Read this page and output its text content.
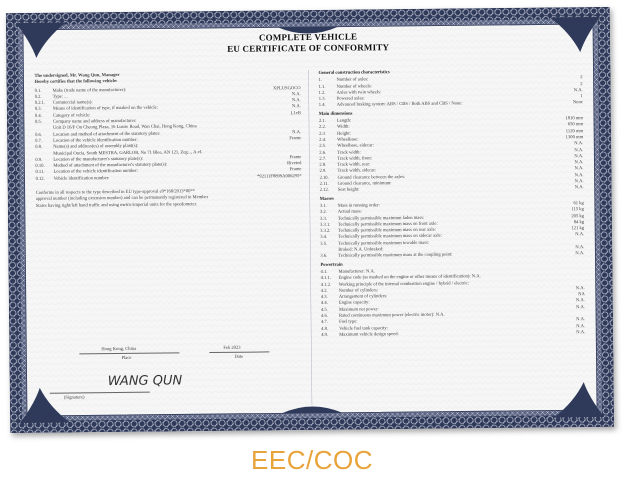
COMPLETE VEHICLE
EU CERTIFICATE OF CONFORMITY
The undersigned, Mr. Wang Qun, Manager
Hereby certifies that the following vehicle:
0.1.	Make (trade name of the manufacturer):	XPLUSGOCO
0.2.	Type: ...	N.A.
0.2.1.	Commercial name(s):	N.A.
0.3.	Means of identification of type, if marked on the vehicle:	N.A.
0.4.	Category of vehicle:	L1eB
0.5.	Company name and address of manufacturer:
Unit D 16/F On Cheong Plaza, 16 Lustre Road, Wan Chai, Hong Kong, China
0.6.	Location and method of attachment of the statutory plates:	N.A.
0.7.	Location of the vehicle identification number:	Frame
0.8.	Name(s) and address(es) of assembly plant(s):
Municipal Oncia, South MESTRA, GARLOR, No 71 Blee, AN 121, Zeg..., A.vI.
0.9.	Location of the manufacturer's statutory plate(s):	Frame
0.10.	Method of attachment of the manufacturer's statutory plate(s):	Riveted
0.11.	Location of the vehicle identification number:	Frame
0.12.	Vehicle identification number:	*92111F8899A006295*
Conforms in all respects to the type described in EU type-approval e9*168/2013*00**
approval number (including extension number) and can be permanently registered in Member
States having right/left hand traffic and using metric/imperial units for the speedometer.
Hong Kong, China	Feb 2023
Place	Date
WANG QUN
(Signature)
General construction characteristics
1.	Number of axles:	2
1.1.	Number of wheels:	2
1.2.	Axles with twin wheels:	N.A.
1.3.	Powered axles:	1
1.4.	Advanced braking system: ABS / CBS / Both ABS and CBS / None:	None
Main dimensions
2.1.	Length:	1810 mm
2.2.	Width:	650 mm
2.3.	Height:	1120 mm
2.4.	Wheelbase:	1300 mm
2.5.	Wheelbase, sidecar:	N.A.
2.6.	Track width:	N.A.
2.7.	Track width, front:	N.A.
2.8.	Track width, rear:	N.A.
2.9.	Track width, sidecar:	N.A.
2.10.	Ground clearance between the axles:	N.A.
2.11.	Ground clearance, minimum:	N.A.
2.12.	Seat height:	N.A.
Masses
3.1.	Mass in running order:	61 kg
3.2.	Actual mass:	115 kg
3.3.	Technically permissible maximum laden mass:	205 kg
3.3.1.	Technically permissible maximum mass on front axle:	84 kg
3.3.2.	Technically permissible maximum mass on rear axle:	121 kg
3.4.	Technically permissible maximum mass on sidecar axle:	N.A.
3.5.	Technically permissible maximum towable mass:
Braked: N.A. Unbraked:	N.A.
3.6.	Technically permissible maximum mass at the coupling point:	N.A.
Powertrain
4.1.	Manufacturer: N.A.
4.1.1.	Engine code (as marked on the engine or other means of identification): N.A.
4.1.2.	Working principle of the internal combustion engine / hybrid / electric:
4.2.	Number of cylinders:	N.A.
4.3.	Arrangement of cylinders:	NA
4.4.	Engine capacity:	N.A.
4.5.	Maximum net power:	N.A.
4.6.	Rated continuous maximum power (electric motor): N.A.
4.7.	Fuel type:	N.A.
4.8.	Vehicle fuel tank capacity:	N.A.
4.9.	Maximum vehicle design speed:	N.A.
EEC/COC
